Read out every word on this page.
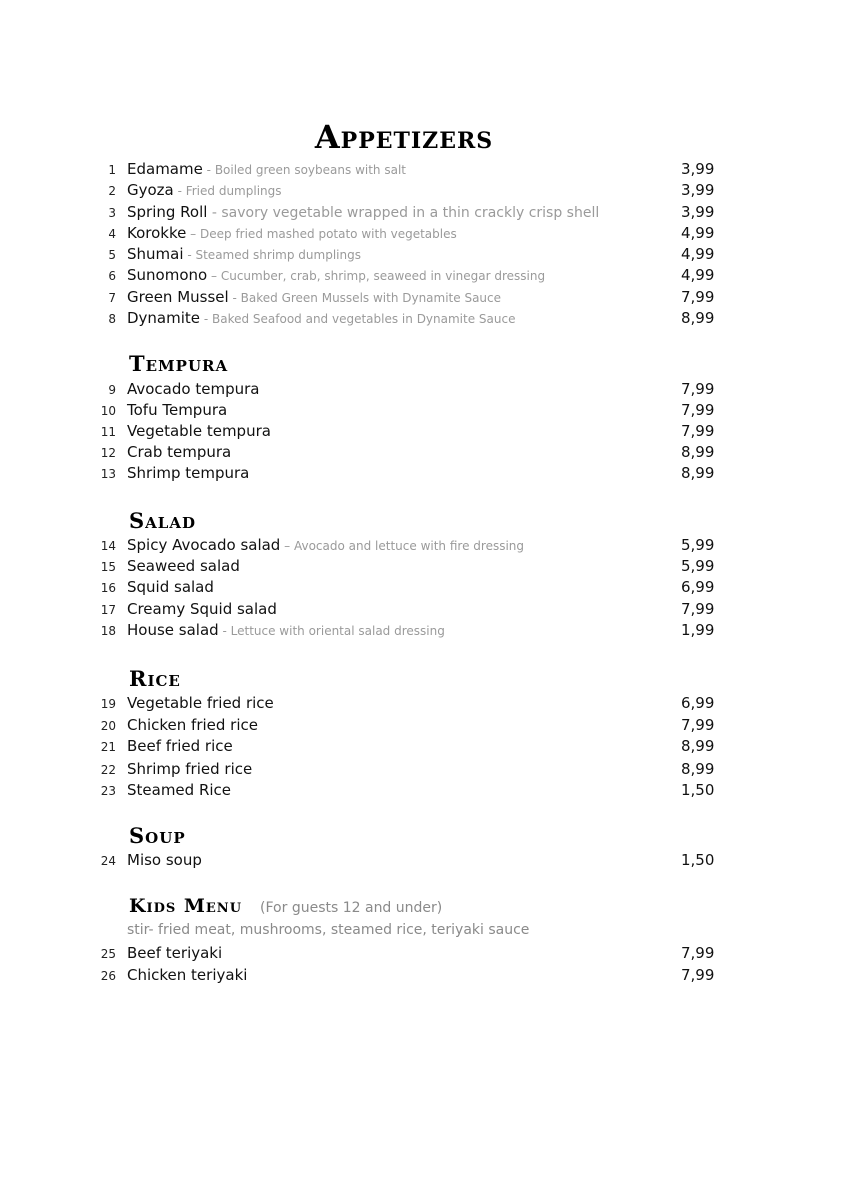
Appetizers
1 Edamame - Boiled green soybeans with salt	3,99
2 Gyoza - Fried dumplings	3,99
3 Spring Roll - savory vegetable wrapped in a thin crackly crisp shell	3,99
4 Korokke – Deep fried mashed potato with vegetables	4,99
5 Shumai - Steamed shrimp dumplings	4,99
6 Sunomono – Cucumber, crab, shrimp, seaweed in vinegar dressing	4,99
7 Green Mussel - Baked Green Mussels with Dynamite Sauce	7,99
8 Dynamite - Baked Seafood and vegetables in Dynamite Sauce	8,99
Tempura
9 Avocado tempura	7,99
10 Tofu Tempura	7,99
11 Vegetable tempura	7,99
12 Crab tempura	8,99
13 Shrimp tempura	8,99
Salad
14 Spicy Avocado salad – Avocado and lettuce with fire dressing	5,99
15 Seaweed salad	5,99
16 Squid salad	6,99
17 Creamy Squid salad	7,99
18 House salad - Lettuce with oriental salad dressing	1,99
Rice
19 Vegetable fried rice	6,99
20 Chicken fried rice	7,99
21 Beef fried rice	8,99
22 Shrimp fried rice	8,99
23 Steamed Rice	1,50
Soup
24 Miso soup	1,50
Kids Menu (For guests 12 and under)
stir- fried meat, mushrooms, steamed rice, teriyaki sauce
25 Beef teriyaki	7,99
26 Chicken teriyaki	7,99
